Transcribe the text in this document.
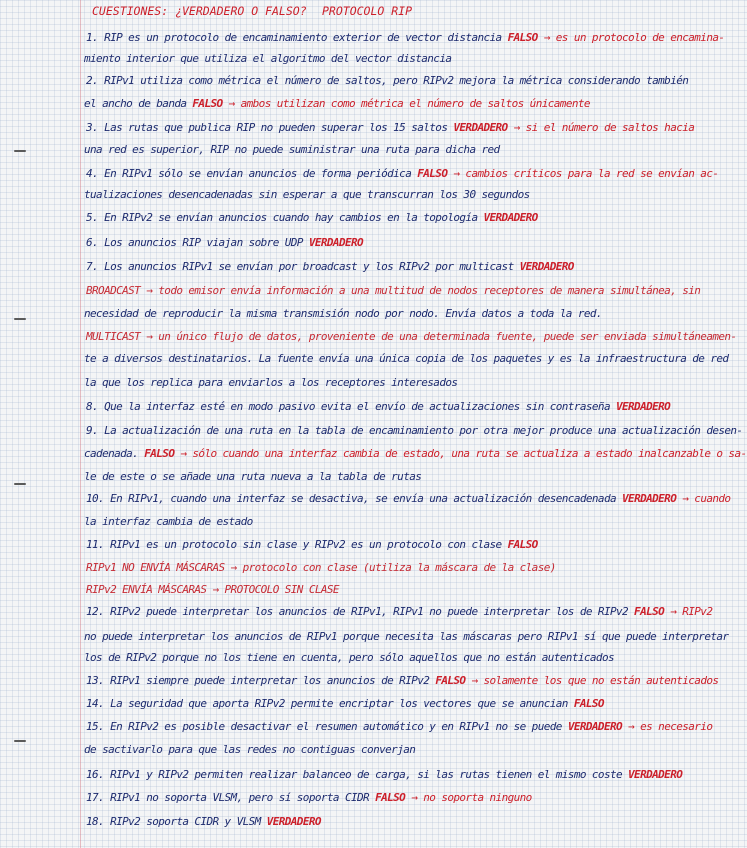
CUESTIONES: ¿VERDADERO O FALSO? PROTOCOLO RIP
1. RIP es un protocolo de encaminamiento exterior de vector distancia FALSO → es un protocolo de encamina-
miento interior que utiliza el algoritmo del vector distancia
2. RIPv1 utiliza como métrica el número de saltos, pero RIPv2 mejora la métrica considerando también
el ancho de banda FALSO → ambos utilizan como métrica el número de saltos únicamente
3. Las rutas que publica RIP no pueden superar los 15 saltos VERDADERO → si el número de saltos hacia
una red es superior, RIP no puede suministrar una ruta para dicha red
4. En RIPv1 sólo se envían anuncios de forma periódica FALSO → cambios críticos para la red se envían ac-
tualizaciones desencadenadas sin esperar a que transcurran los 30 segundos
5. En RIPv2 se envían anuncios cuando hay cambios en la topología VERDADERO
6. Los anuncios RIP viajan sobre UDP VERDADERO
7. Los anuncios RIPv1 se envían por broadcast y los RIPv2 por multicast VERDADERO
BROADCAST → todo emisor envía información a una multitud de nodos receptores de manera simultánea, sin
necesidad de reproducir la misma transmisión nodo por nodo. Envía datos a toda la red.
MULTICAST → un único flujo de datos, proveniente de una determinada fuente, puede ser enviada simultáneamen-
te a diversos destinatarios. La fuente envía una única copia de los paquetes y es la infraestructura de red
la que los replica para enviarlos a los receptores interesados
8. Que la interfaz esté en modo pasivo evita el envío de actualizaciones sin contraseña VERDADERO
9. La actualización de una ruta en la tabla de encaminamiento por otra mejor produce una actualización desen-
cadenada. FALSO → sólo cuando una interfaz cambia de estado, una ruta se actualiza a estado inalcanzable o sa-
le de este o se añade una ruta nueva a la tabla de rutas
10. En RIPv1, cuando una interfaz se desactiva, se envía una actualización desencadenada VERDADERO → cuando
la interfaz cambia de estado
11. RIPv1 es un protocolo sin clase y RIPv2 es un protocolo con clase FALSO
RIPv1 NO ENVÍA MÁSCARAS → protocolo con clase (utiliza la máscara de la clase)
RIPv2 ENVÍA MÁSCARAS → PROTOCOLO SIN CLASE
12. RIPv2 puede interpretar los anuncios de RIPv1, RIPv1 no puede interpretar los de RIPv2 FALSO → RIPv2
no puede interpretar los anuncios de RIPv1 porque necesita las máscaras pero RIPv1 sí que puede interpretar
los de RIPv2 porque no los tiene en cuenta, pero sólo aquellos que no están autenticados
13. RIPv1 siempre puede interpretar los anuncios de RIPv2 FALSO → solamente los que no están autenticados
14. La seguridad que aporta RIPv2 permite encriptar los vectores que se anuncian FALSO
15. En RIPv2 es posible desactivar el resumen automático y en RIPv1 no se puede VERDADERO → es necesario
de sactivarlo para que las redes no contiguas converjan
16. RIPv1 y RIPv2 permiten realizar balanceo de carga, si las rutas tienen el mismo coste VERDADERO
17. RIPv1 no soporta VLSM, pero sí soporta CIDR FALSO → no soporta ninguno
18. RIPv2 soporta CIDR y VLSM VERDADERO
